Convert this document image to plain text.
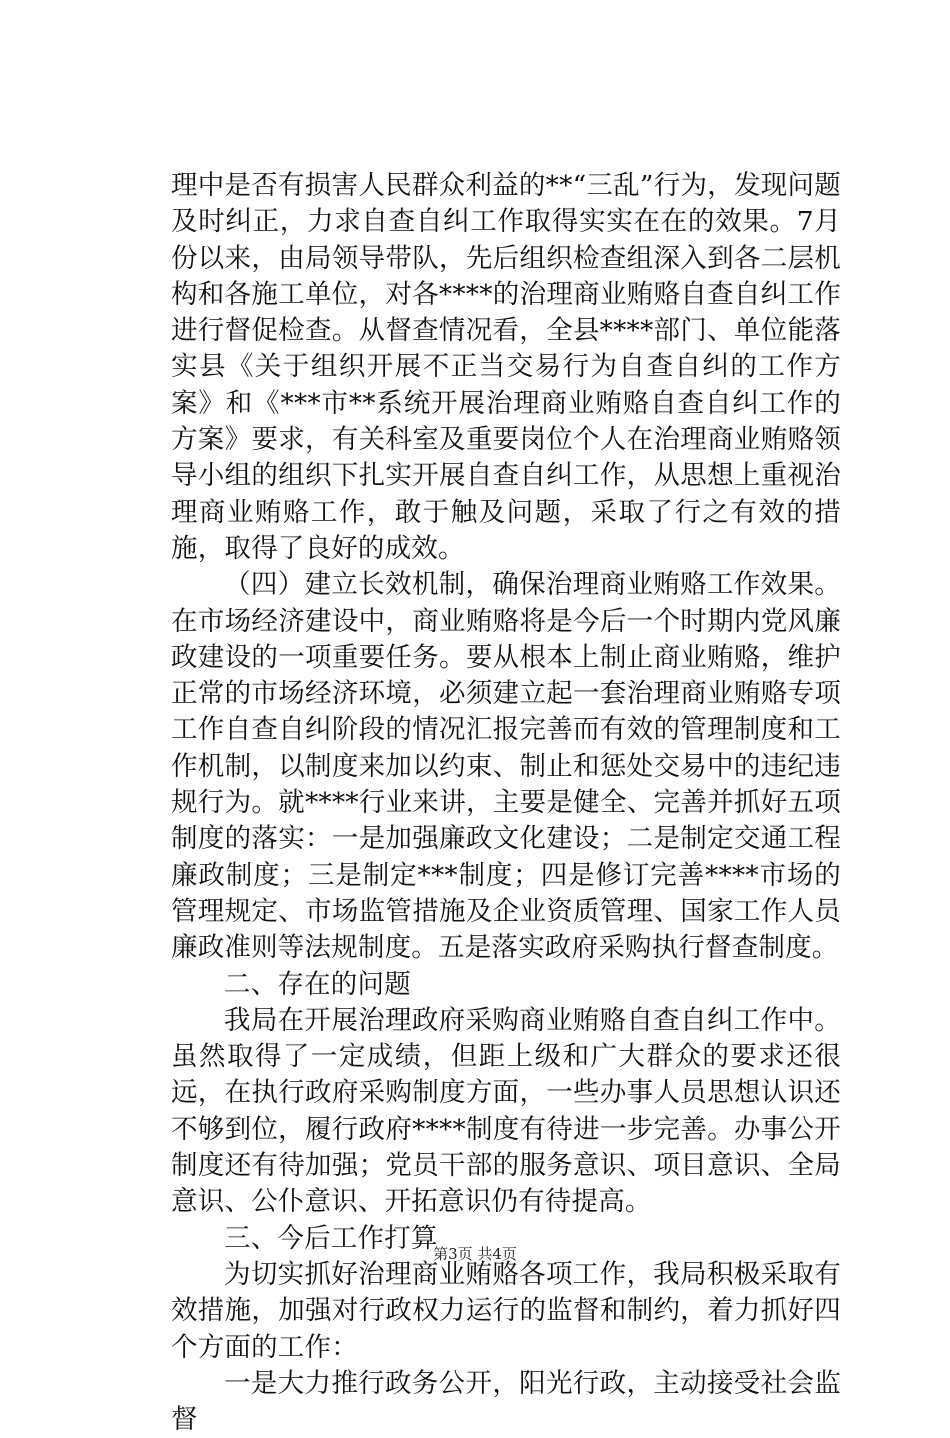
理中是否有损害人民群众利益的**“三乱”行为，发现问题及时纠正，力求自查自纠工作取得实实在在的效果。7月份以来，由局领导带队，先后组织检查组深入到各二层机构和各施工单位，对各****的治理商业贿赂自查自纠工作进行督促检查。从督查情况看，全县****部门、单位能落实县《关于组织开展不正当交易行为自查自纠的工作方案》和《***市**系统开展治理商业贿赂自查自纠工作的方案》要求，有关科室及重要岗位个人在治理商业贿赂领导小组的组织下扎实开展自查自纠工作，从思想上重视治理商业贿赂工作，敢于触及问题，采取了行之有效的措施，取得了良好的成效。

（四）建立长效机制，确保治理商业贿赂工作效果。在市场经济建设中，商业贿赂将是今后一个时期内党风廉政建设的一项重要任务。要从根本上制止商业贿赂，维护正常的市场经济环境，必须建立起一套治理商业贿赂专项工作自查自纠阶段的情况汇报完善而有效的管理制度和工作机制，以制度来加以约束、制止和惩处交易中的违纪违规行为。就****行业来讲，主要是健全、完善并抓好五项制度的落实：一是加强廉政文化建设；二是制定交通工程廉政制度；三是制定***制度；四是修订完善****市场的管理规定、市场监管措施及企业资质管理、国家工作人员廉政准则等法规制度。五是落实政府采购执行督查制度。

二、存在的问题

我局在开展治理政府采购商业贿赂自查自纠工作中。虽然取得了一定成绩，但距上级和广大群众的要求还很远，在执行政府采购制度方面，一些办事人员思想认识还不够到位，履行政府****制度有待进一步完善。办事公开制度还有待加强；党员干部的服务意识、项目意识、全局意识、公仆意识、开拓意识仍有待提高。

三、今后工作打算

为切实抓好治理商业贿赂各项工作，我局积极采取有效措施，加强对行政权力运行的监督和制约，着力抓好四个方面的工作：

一是大力推行政务公开，阳光行政，主动接受社会监督

第3页 共4页
